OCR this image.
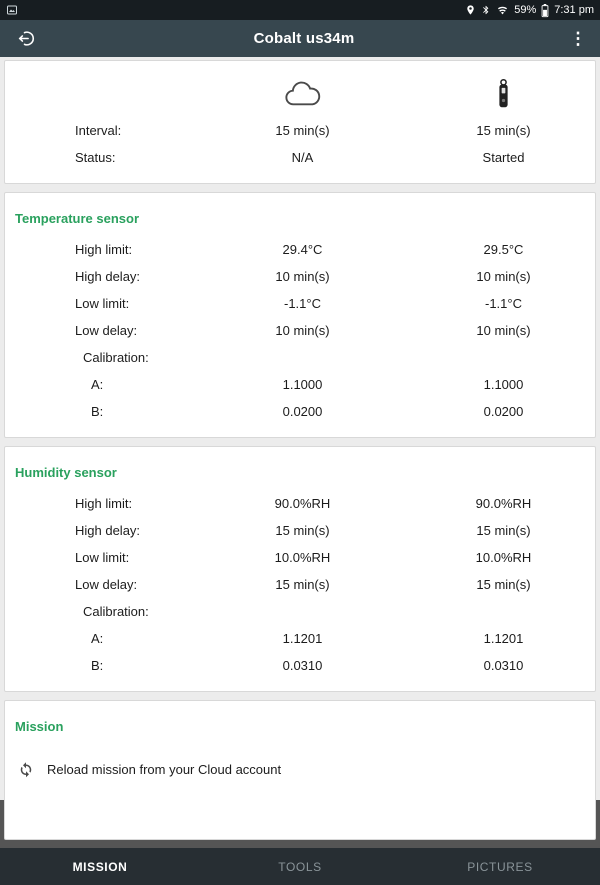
59% 7:31 pm
Cobalt us34m	⋮
Interval:	15 min(s)	15 min(s)
Status:	N/A	Started
Temperature sensor
High limit:	29.4°C	29.5°C
High delay:	10 min(s)	10 min(s)
Low limit:	-1.1°C	-1.1°C
Low delay:	10 min(s)	10 min(s)
Calibration:
A:	1.1000	1.1000
B:	0.0200	0.0200
Humidity sensor
High limit:	90.0%RH	90.0%RH
High delay:	15 min(s)	15 min(s)
Low limit:	10.0%RH	10.0%RH
Low delay:	15 min(s)	15 min(s)
Calibration:
A:	1.1201	1.1201
B:	0.0310	0.0310
Mission
Reload mission from your Cloud account
MISSION	TOOLS	PICTURES
